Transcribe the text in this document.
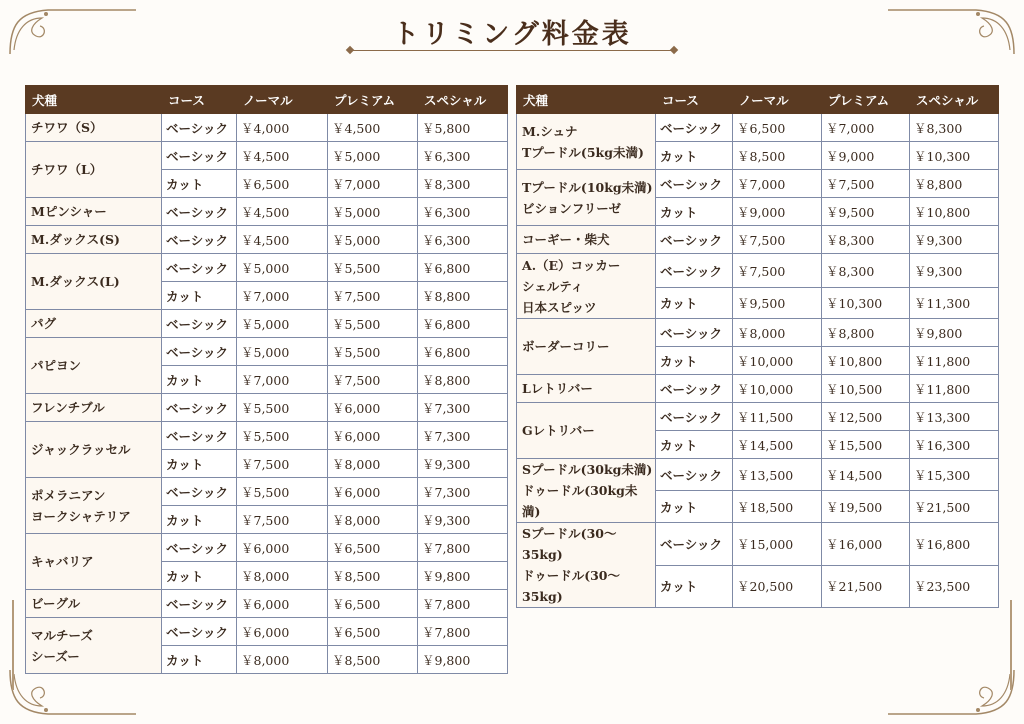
トリミング料金表
犬種	コース	ノーマル	プレミアム	スペシャル
チワワ（S）	ベーシック	￥4,000	￥4,500	￥5,800
チワワ（L）	ベーシック	￥4,500	￥5,000	￥6,300
	カット	￥6,500	￥7,000	￥8,300
Mピンシャー	ベーシック	￥4,500	￥5,000	￥6,300
M.ダックス(S)	ベーシック	￥4,500	￥5,000	￥6,300
M.ダックス(L)	ベーシック	￥5,000	￥5,500	￥6,800
	カット	￥7,000	￥7,500	￥8,800
パグ	ベーシック	￥5,000	￥5,500	￥6,800
パピヨン	ベーシック	￥5,000	￥5,500	￥6,800
	カット	￥7,000	￥7,500	￥8,800
フレンチブル	ベーシック	￥5,500	￥6,000	￥7,300
ジャックラッセル	ベーシック	￥5,500	￥6,000	￥7,300
	カット	￥7,500	￥8,000	￥9,300
ポメラニアン
ヨークシャテリア	ベーシック	￥5,500	￥6,000	￥7,300
	カット	￥7,500	￥8,000	￥9,300
キャバリア	ベーシック	￥6,000	￥6,500	￥7,800
	カット	￥8,000	￥8,500	￥9,800
ビーグル	ベーシック	￥6,000	￥6,500	￥7,800
マルチーズ
シーズー	ベーシック	￥6,000	￥6,500	￥7,800
	カット	￥8,000	￥8,500	￥9,800
犬種	コース	ノーマル	プレミアム	スペシャル
M.シュナ
Tプードル(5kg未満)	ベーシック	￥6,500	￥7,000	￥8,300
	カット	￥8,500	￥9,000	￥10,300
Tプードル(10kg未満)
ビションフリーゼ	ベーシック	￥7,000	￥7,500	￥8,800
	カット	￥9,000	￥9,500	￥10,800
コーギー・柴犬	ベーシック	￥7,500	￥8,300	￥9,300
A.（E）コッカー
シェルティ
日本スピッツ	ベーシック	￥7,500	￥8,300	￥9,300
	カット	￥9,500	￥10,300	￥11,300
ボーダーコリー	ベーシック	￥8,000	￥8,800	￥9,800
	カット	￥10,000	￥10,800	￥11,800
Lレトリバー	ベーシック	￥10,000	￥10,500	￥11,800
Gレトリバー	ベーシック	￥11,500	￥12,500	￥13,300
	カット	￥14,500	￥15,500	￥16,300
Sプードル(30kg未満)
ドゥードル(30kg未満)	ベーシック	￥13,500	￥14,500	￥15,300
	カット	￥18,500	￥19,500	￥21,500
Sプードル(30～35kg)
ドゥードル(30～35kg)	ベーシック	￥15,000	￥16,000	￥16,800
	カット	￥20,500	￥21,500	￥23,500
